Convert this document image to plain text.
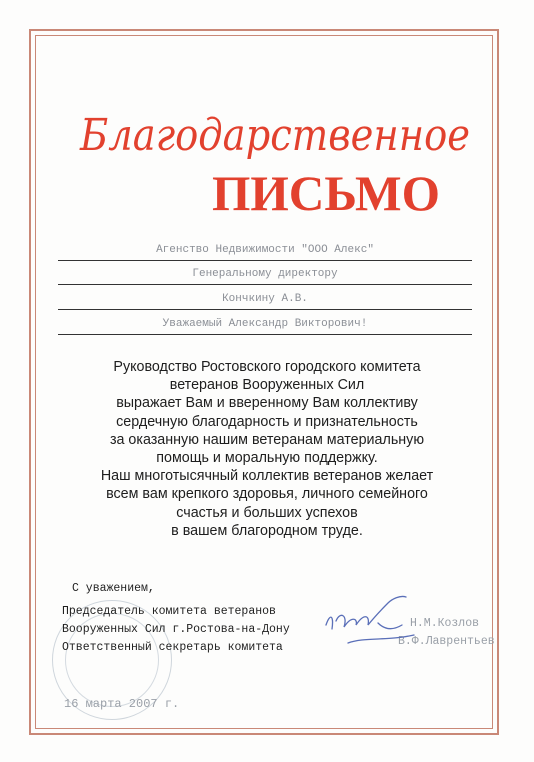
Благодарственное
ПИСЬМО
Агенство Недвижимости "ООО Алекс"
Генеральному директору
Кончкину А.В.
Уважаемый Александр Викторович!
Руководство Ростовского городского комитета
ветеранов Вооруженных Сил
выражает Вам и вверенному Вам коллективу
сердечную благодарность и признательность
за оказанную нашим ветеранам материальную
помощь и моральную поддержку.
Наш многотысячный коллектив ветеранов желает
всем вам крепкого здоровья, личного семейного
счастья и больших успехов
в вашем благородном труде.
С уважением,
Председатель комитета ветеранов
Вооруженных Сил г.Ростова-на-Дону
Ответственный секретарь комитета
Н.М.Козлов
В.Ф.Лаврентьев
16 марта 2007 г.
